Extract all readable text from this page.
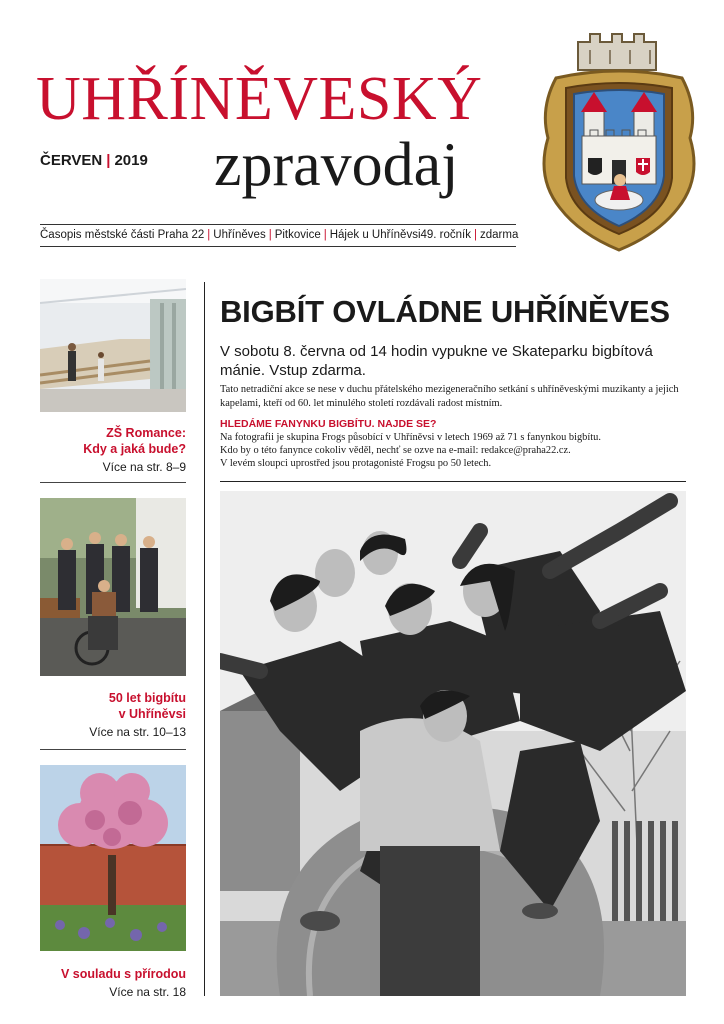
UHŘÍNĚVESKÝ
zpravodaj
ČERVEN | 2019
Časopis městské části Praha 22 | Uhříněves | Pitkovice | Hájek u Uhříněvsi 49. ročník | zdarma
ZŠ Romance:
Kdy a jaká bude?
Více na str. 8–9
50 let bigbítu
v Uhříněvsi
Více na str. 10–13
V souladu s přírodou
Více na str. 18
BIGBÍT OVLÁDNE UHŘÍNĚVES
V sobotu 8. června od 14 hodin vypukne ve Skateparku bigbítová mánie. Vstup zdarma.
Tato netradiční akce se nese v duchu přátelského mezigeneračního setkání s uhříněveskými muzikanty a jejich kapelami, kteří od 60. let minulého století rozdávali radost místním.
HLEDÁME FANYNKU BIGBÍTU. NAJDE SE?
Na fotografii je skupina Frogs působící v Uhříněvsi v letech 1969 až 71 s fanynkou bigbítu.
Kdo by o této fanynce cokoliv věděl, nechť se ozve na e-mail: redakce@praha22.cz.
V levém sloupci uprostřed jsou protagonisté Frogsu po 50 letech.
